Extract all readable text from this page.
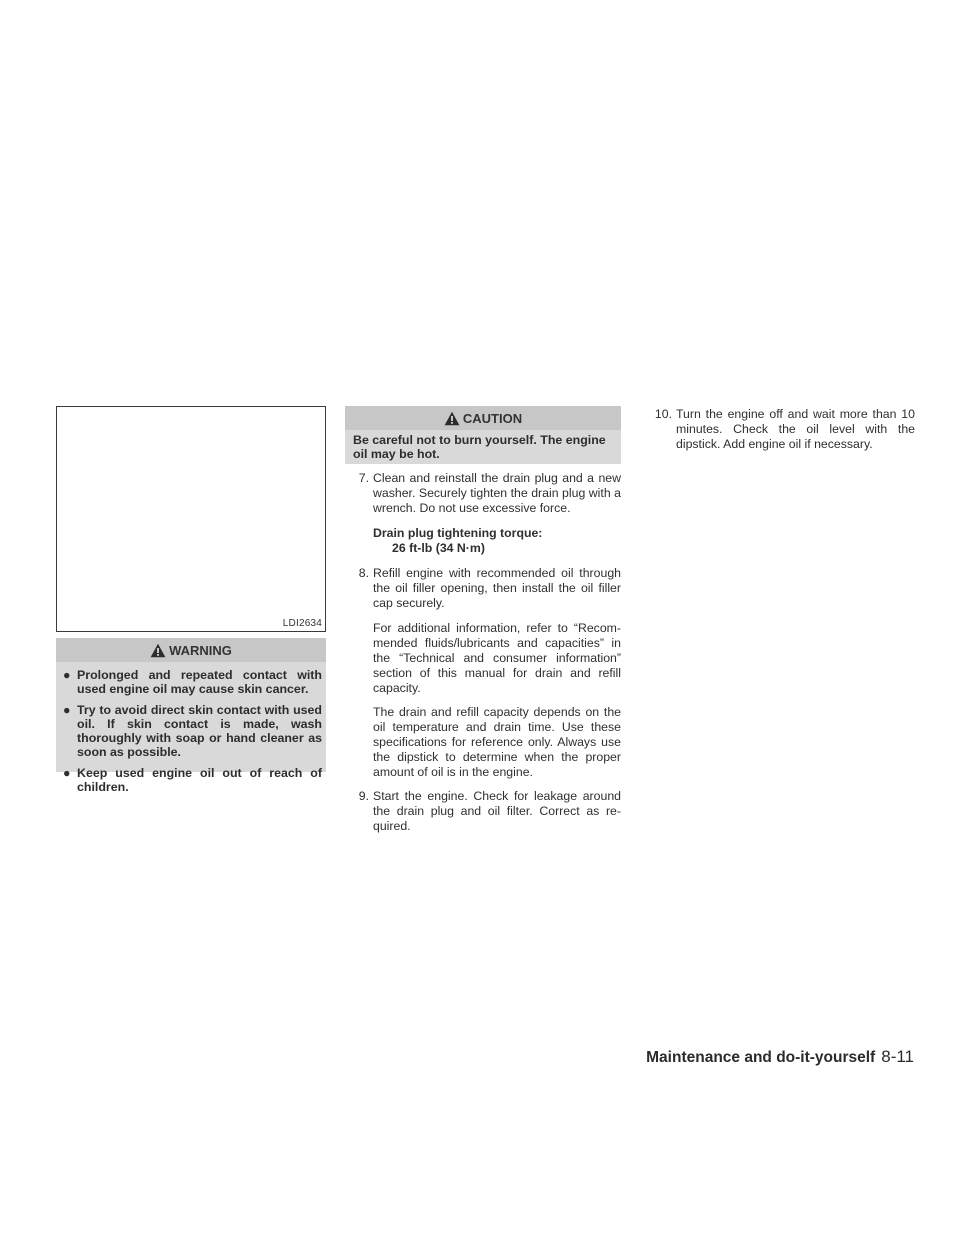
LDI2634
WARNING
● Prolonged and repeated contact with used engine oil may cause skin cancer.
● Try to avoid direct skin contact with used oil. If skin contact is made, wash thoroughly with soap or hand cleaner as soon as possible.
● Keep used engine oil out of reach of children.
CAUTION
Be careful not to burn yourself. The engine oil may be hot.
7. Clean and reinstall the drain plug and a new washer. Securely tighten the drain plug with a wrench. Do not use excessive force.
Drain plug tightening torque:
26 ft-lb (34 N·m)
8. Refill engine with recommended oil through the oil filler opening, then install the oil filler cap securely.
For additional information, refer to “Recom- mended fluids/lubricants and capacities” in the “Technical and consumer information” section of this manual for drain and refill capacity.
The drain and refill capacity depends on the oil temperature and drain time. Use these specifications for reference only. Always use the dipstick to determine when the proper amount of oil is in the engine.
9. Start the engine. Check for leakage around the drain plug and oil filter. Correct as re- quired.
10. Turn the engine off and wait more than 10 minutes. Check the oil level with the dipstick. Add engine oil if necessary.
Maintenance and do-it-yourself 8-11
